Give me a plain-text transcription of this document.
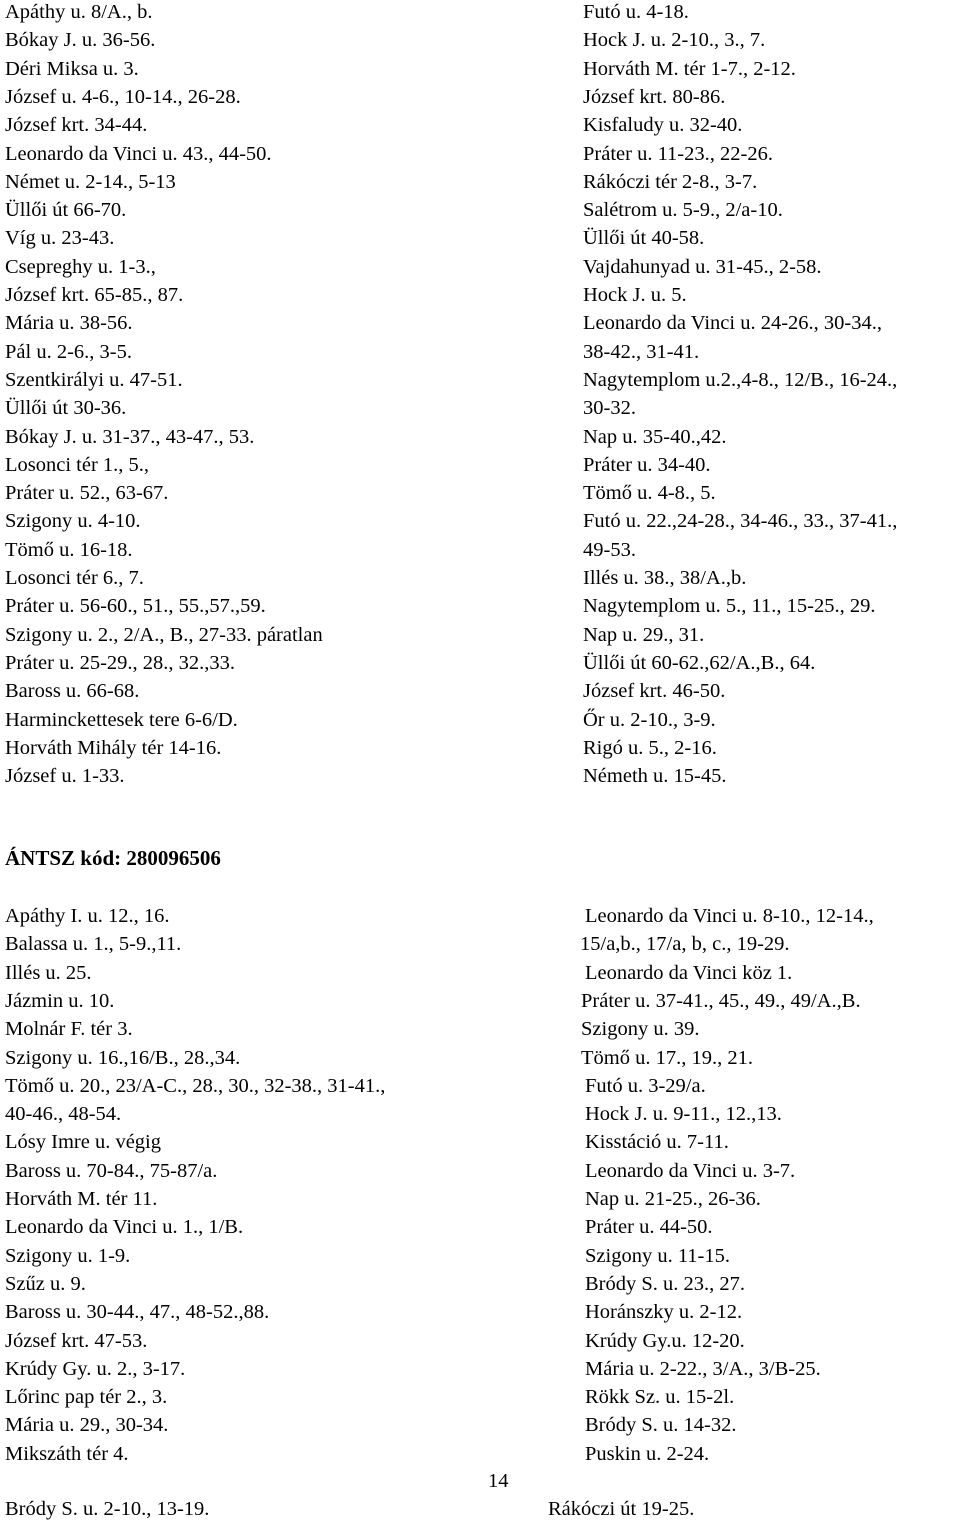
Apáthy u. 8/A., b.
Bókay J. u. 36-56.
Déri Miksa u. 3.
József u. 4-6., 10-14., 26-28.
József krt. 34-44.
Leonardo da Vinci u. 43., 44-50.
Német u. 2-14., 5-13
Üllői út 66-70.
Víg u. 23-43.
Csepreghy u. 1-3.,
József krt. 65-85., 87.
Mária u. 38-56.
Pál u. 2-6., 3-5.
Szentkirályi u. 47-51.
Üllői út 30-36.
Bókay J. u. 31-37., 43-47., 53.
Losonci tér 1., 5.,
Práter u. 52., 63-67.
Szigony u. 4-10.
Tömő u. 16-18.
Losonci tér 6., 7.
Práter u. 56-60., 51., 55.,57.,59.
Szigony u. 2., 2/A., B., 27-33. páratlan
Práter u. 25-29., 28., 32.,33.
Baross u. 66-68.
Harminckettesek tere 6-6/D.
Horváth Mihály tér 14-16.
József u. 1-33.
Futó u. 4-18.
Hock J. u. 2-10., 3., 7.
Horváth M. tér 1-7., 2-12.
József krt. 80-86.
Kisfaludy u. 32-40.
Práter u. 11-23., 22-26.
Rákóczi tér 2-8., 3-7.
Salétrom u. 5-9., 2/a-10.
Üllői út 40-58.
Vajdahunyad u. 31-45., 2-58.
Hock J. u. 5.
Leonardo da Vinci u. 24-26., 30-34.,
38-42., 31-41.
Nagytemplom u.2.,4-8., 12/B., 16-24.,
30-32.
Nap u. 35-40.,42.
Práter u. 34-40.
Tömő u. 4-8., 5.
Futó u. 22.,24-28., 34-46., 33., 37-41.,
49-53.
Illés u. 38., 38/A.,b.
Nagytemplom u. 5., 11., 15-25., 29.
Nap u. 29., 31.
Üllői út 60-62.,62/A.,B., 64.
József krt. 46-50.
Őr u. 2-10., 3-9.
Rigó u. 5., 2-16.
Németh u. 15-45.
ÁNTSZ kód: 280096506
Apáthy I. u. 12., 16.
Balassa u. 1., 5-9.,11.
Illés u. 25.
Jázmin u. 10.
Molnár F. tér 3.
Szigony u. 16.,16/B., 28.,34.
Tömő u. 20., 23/A-C., 28., 30., 32-38., 31-41.,
40-46., 48-54.
Lósy Imre u. végig
Baross u. 70-84., 75-87/a.
Horváth M. tér 11.
Leonardo da Vinci u. 1., 1/B.
Szigony u. 1-9.
Szűz u. 9.
Baross u. 30-44., 47., 48-52.,88.
József krt. 47-53.
Krúdy Gy. u. 2., 3-17.
Lőrinc pap tér 2., 3.
Mária u. 29., 30-34.
Mikszáth tér 4.
Leonardo da Vinci u. 8-10., 12-14.,
15/a,b., 17/a, b, c., 19-29.
Leonardo da Vinci köz 1.
Práter u. 37-41., 45., 49., 49/A.,B.
Szigony u. 39.
Tömő u. 17., 19., 21.
Futó u. 3-29/a.
Hock J. u. 9-11., 12.,13.
Kisstáció u. 7-11.
Leonardo da Vinci u. 3-7.
Nap u. 21-25., 26-36.
Práter u. 44-50.
Szigony u. 11-15.
Bródy S. u. 23., 27.
Horánszky u. 2-12.
Krúdy Gy.u. 12-20.
Mária u. 2-22., 3/A., 3/B-25.
Rökk Sz. u. 15-2l.
Bródy S. u. 14-32.
Puskin u. 2-24.
14
Bródy S. u. 2-10., 13-19.	Rákóczi út 19-25.
